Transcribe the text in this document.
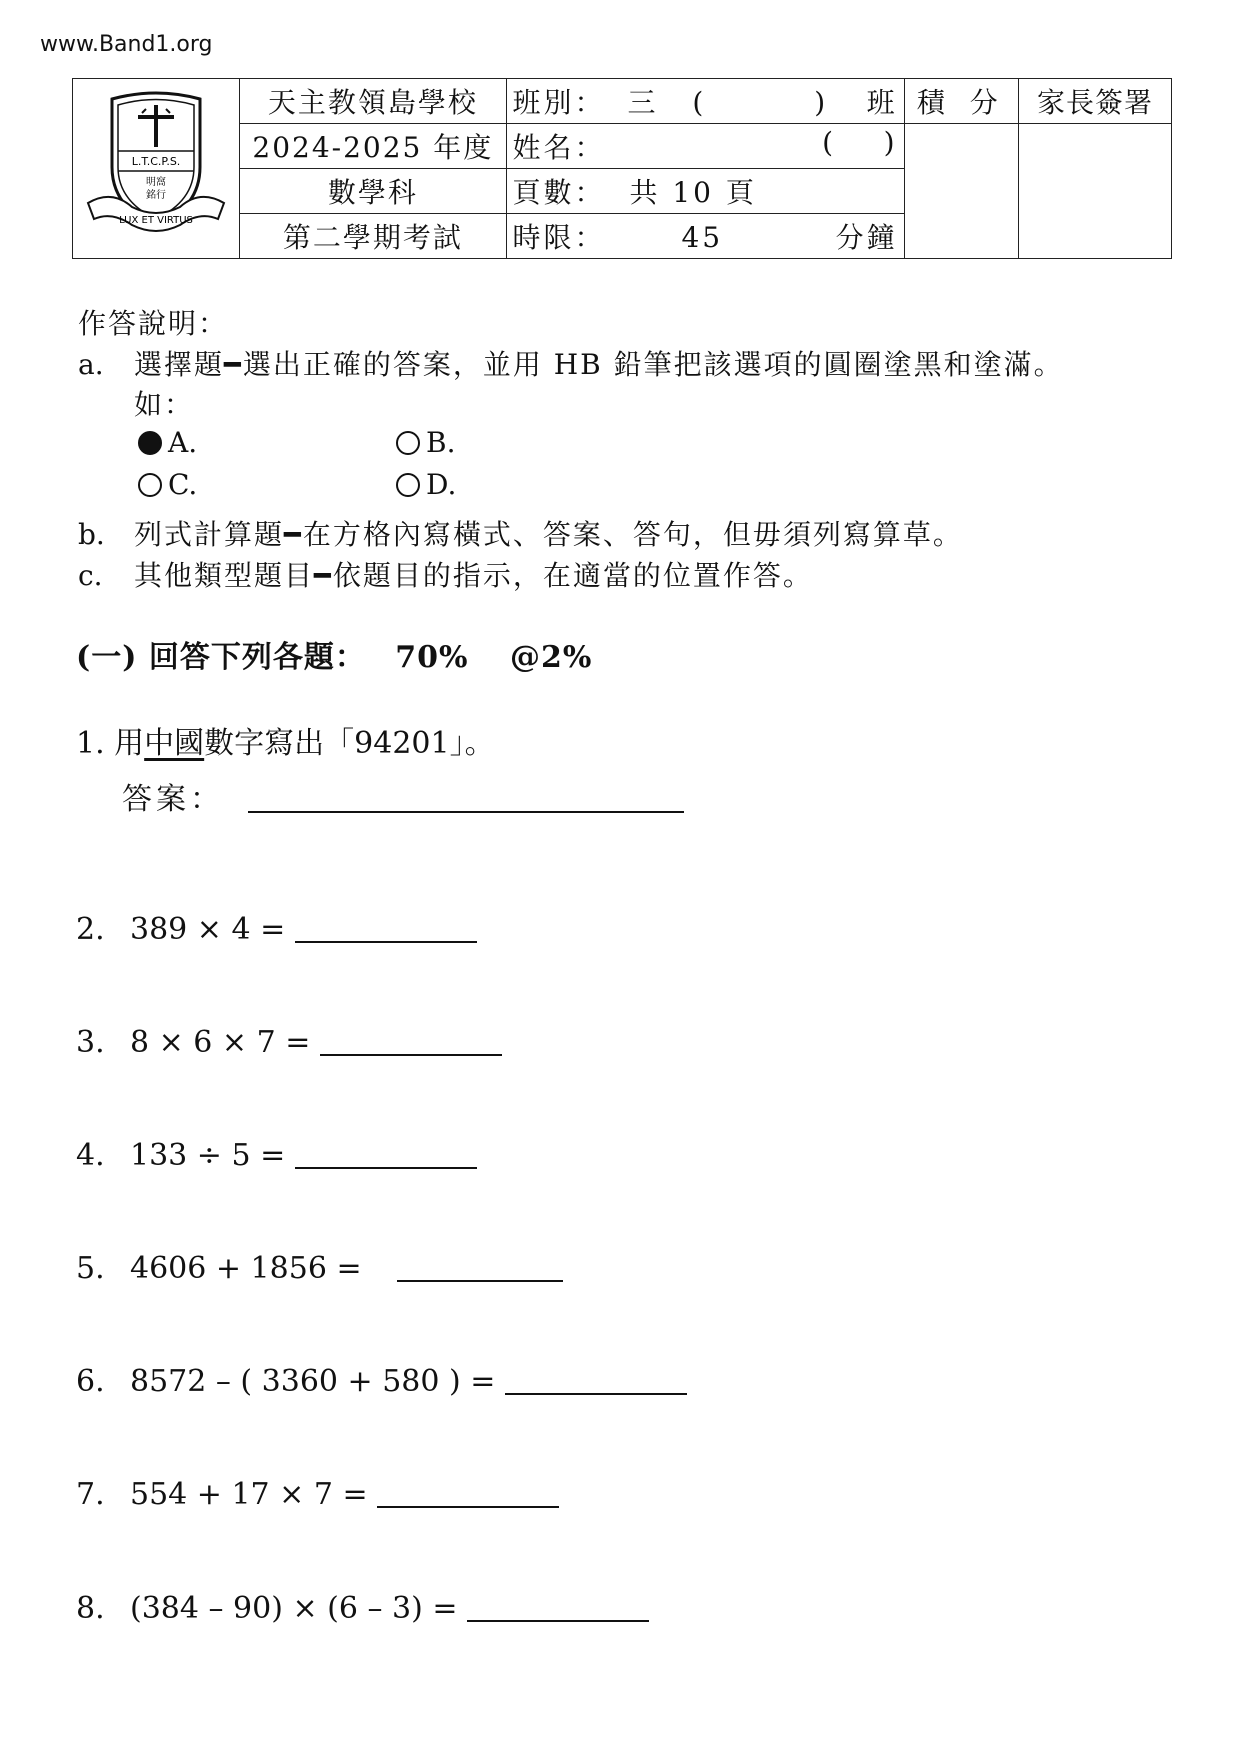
www.Band1.org
L.T.C.P.S.
明窩
銘行
LUX ET VIRTUS	天主教領島學校	班別： 三 ( ) 班	積 分	家長簽署
	2024-2025 年度	姓名： (    )		

	數學科	頁數： 共 10 頁		
	第二學期考試	時限： 45 分鐘		
作答說明：
a. 選擇題━選出正確的答案，並用 HB 鉛筆把該選項的圓圈塗黑和塗滿。
如：
A.	B.
C.	D.
b. 列式計算題━在方格內寫橫式、答案、答句，但毋須列寫算草。
c. 其他類型題目━依題目的指示，在適當的位置作答。
(一) 回答下列各題： 70% @2%
1. 用中國數字寫出「94201」。
答案：
2. 389 × 4 =
3. 8 × 6 × 7 =
4. 133 ÷ 5 =
5. 4606 + 1856 =
6. 8572 – ( 3360 + 580 ) =
7. 554 + 17 × 7 =
8. (384 – 90) × (6 – 3) =
